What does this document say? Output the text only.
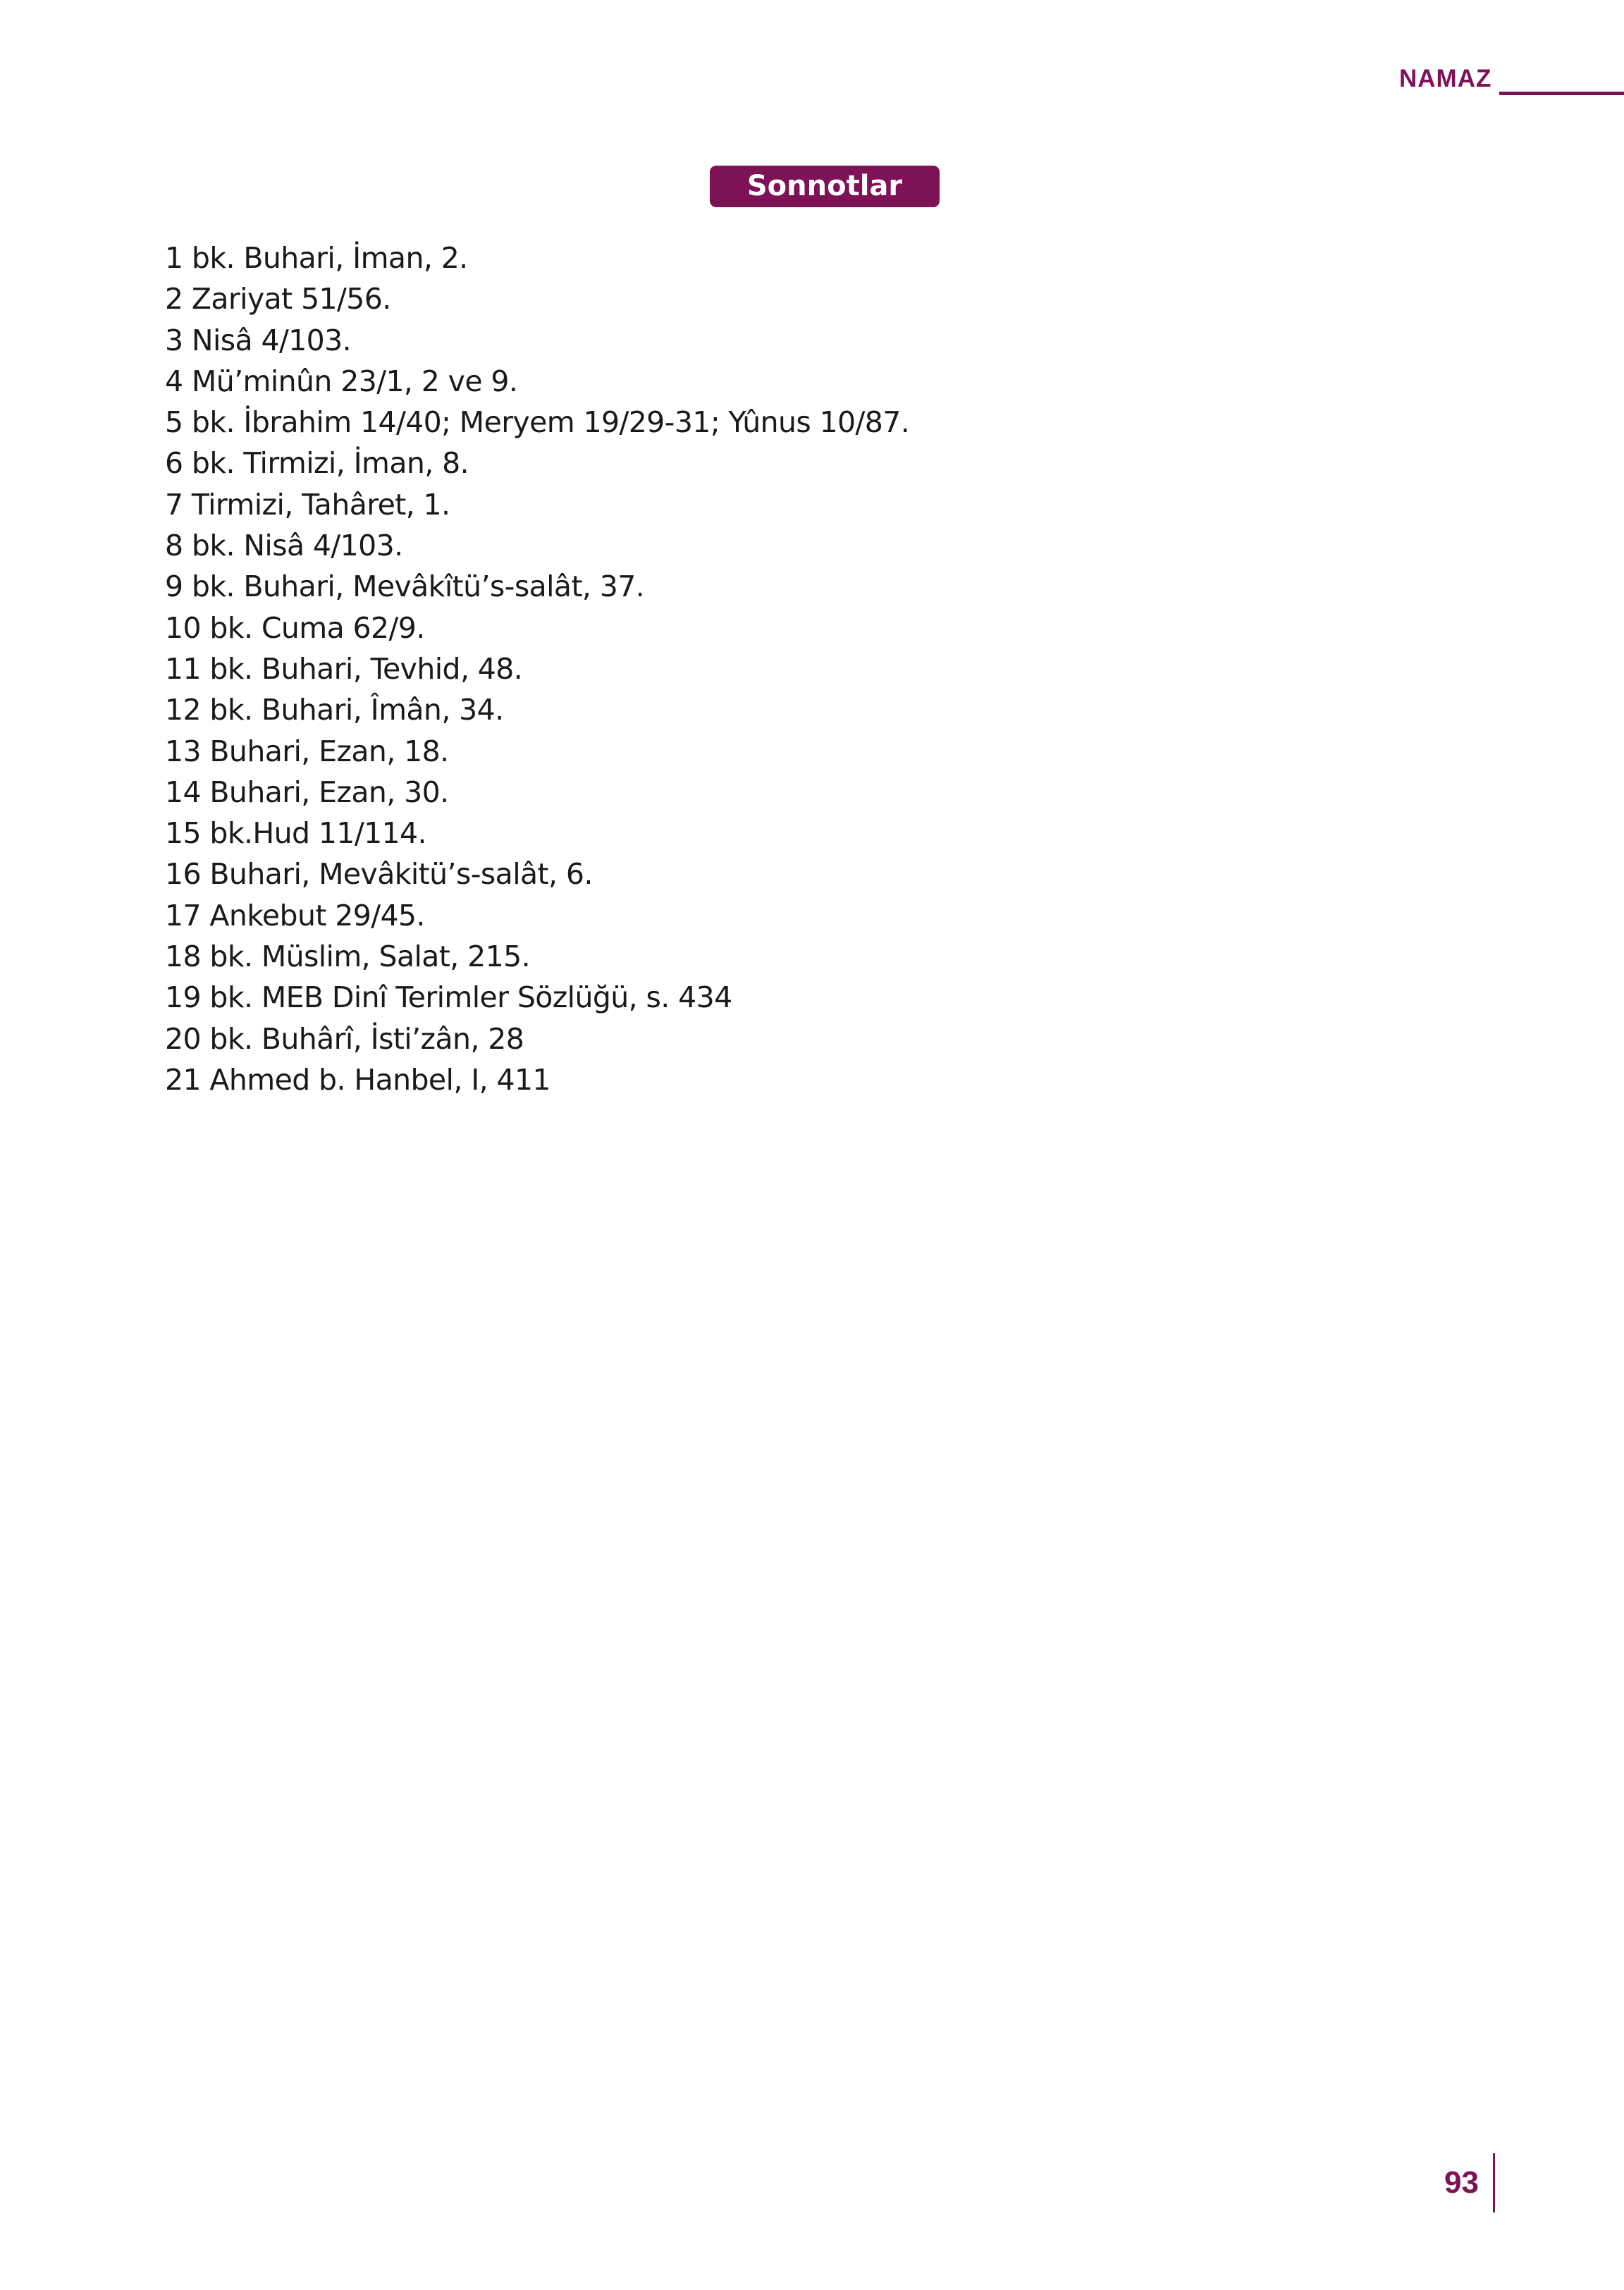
NAMAZ
Sonnotlar
1 bk. Buhari, İman, 2.
2 Zariyat 51/56.
3 Nisâ 4/103.
4 Mü’minûn 23/1, 2 ve 9.
5 bk. İbrahim 14/40; Meryem 19/29-31; Yûnus 10/87.
6 bk. Tirmizi, İman, 8.
7 Tirmizi, Tahâret, 1.
8 bk. Nisâ 4/103.
9 bk. Buhari, Mevâkîtü’s-salât, 37.
10 bk. Cuma 62/9.
11 bk. Buhari, Tevhid, 48.
12 bk. Buhari, Îmân, 34.
13 Buhari, Ezan, 18.
14 Buhari, Ezan, 30.
15 bk.Hud 11/114.
16 Buhari, Mevâkitü’s-salât, 6.
17 Ankebut 29/45.
18 bk. Müslim, Salat, 215.
19 bk. MEB Dinî Terimler Sözlüğü, s. 434
20 bk. Buhârî, İsti’zân, 28
21 Ahmed b. Hanbel, I, 411
93
